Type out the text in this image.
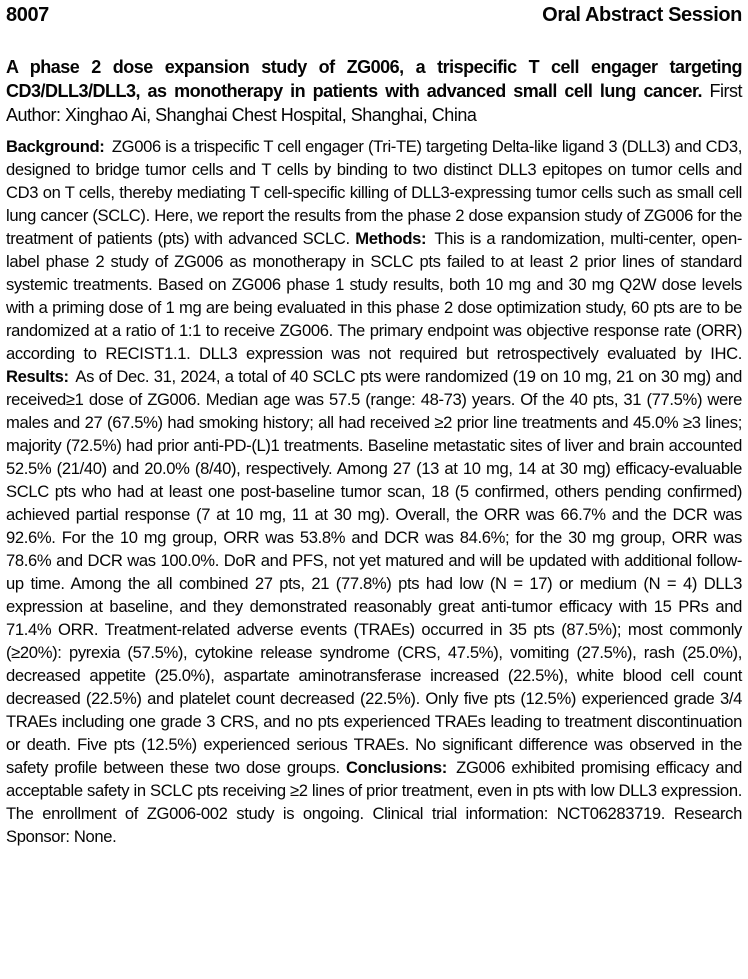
8007	Oral Abstract Session

A phase 2 dose expansion study of ZG006, a trispecific T cell engager targeting CD3/DLL3/DLL3, as monotherapy in patients with advanced small cell lung cancer. First Author: Xinghao Ai, Shanghai Chest Hospital, Shanghai, China

Background: ZG006 is a trispecific T cell engager (Tri-TE) targeting Delta-like ligand 3 (DLL3) and CD3, designed to bridge tumor cells and T cells by binding to two distinct DLL3 epitopes on tumor cells and CD3 on T cells, thereby mediating T cell-specific killing of DLL3-expressing tumor cells such as small cell lung cancer (SCLC). Here, we report the results from the phase 2 dose expansion study of ZG006 for the treatment of patients (pts) with advanced SCLC. Methods: This is a randomization, multi-center, open-label phase 2 study of ZG006 as monotherapy in SCLC pts failed to at least 2 prior lines of standard systemic treatments. Based on ZG006 phase 1 study results, both 10 mg and 30 mg Q2W dose levels with a priming dose of 1 mg are being evaluated in this phase 2 dose optimization study, 60 pts are to be randomized at a ratio of 1:1 to receive ZG006. The primary endpoint was objective response rate (ORR) according to RECIST1.1. DLL3 expression was not required but retrospectively evaluated by IHC. Results: As of Dec. 31, 2024, a total of 40 SCLC pts were randomized (19 on 10 mg, 21 on 30 mg) and received≥1 dose of ZG006. Median age was 57.5 (range: 48-73) years. Of the 40 pts, 31 (77.5%) were males and 27 (67.5%) had smoking history; all had received ≥2 prior line treatments and 45.0% ≥3 lines; majority (72.5%) had prior anti-PD-(L)1 treatments. Baseline metastatic sites of liver and brain accounted 52.5% (21/40) and 20.0% (8/40), respectively. Among 27 (13 at 10 mg, 14 at 30 mg) efficacy-evaluable SCLC pts who had at least one post-baseline tumor scan, 18 (5 confirmed, others pending confirmed) achieved partial response (7 at 10 mg, 11 at 30 mg). Overall, the ORR was 66.7% and the DCR was 92.6%. For the 10 mg group, ORR was 53.8% and DCR was 84.6%; for the 30 mg group, ORR was 78.6% and DCR was 100.0%. DoR and PFS, not yet matured and will be updated with additional follow-up time. Among the all combined 27 pts, 21 (77.8%) pts had low (N = 17) or medium (N = 4) DLL3 expression at baseline, and they demonstrated reasonably great anti-tumor efficacy with 15 PRs and 71.4% ORR. Treatment-related adverse events (TRAEs) occurred in 35 pts (87.5%); most commonly (≥20%): pyrexia (57.5%), cytokine release syndrome (CRS, 47.5%), vomiting (27.5%), rash (25.0%), decreased appetite (25.0%), aspartate aminotransferase increased (22.5%), white blood cell count decreased (22.5%) and platelet count decreased (22.5%). Only five pts (12.5%) experienced grade 3/4 TRAEs including one grade 3 CRS, and no pts experienced TRAEs leading to treatment discontinuation or death. Five pts (12.5%) experienced serious TRAEs. No significant difference was observed in the safety profile between these two dose groups. Conclusions: ZG006 exhibited promising efficacy and acceptable safety in SCLC pts receiving ≥2 lines of prior treatment, even in pts with low DLL3 expression. The enrollment of ZG006-002 study is ongoing. Clinical trial information: NCT06283719. Research Sponsor: None.
